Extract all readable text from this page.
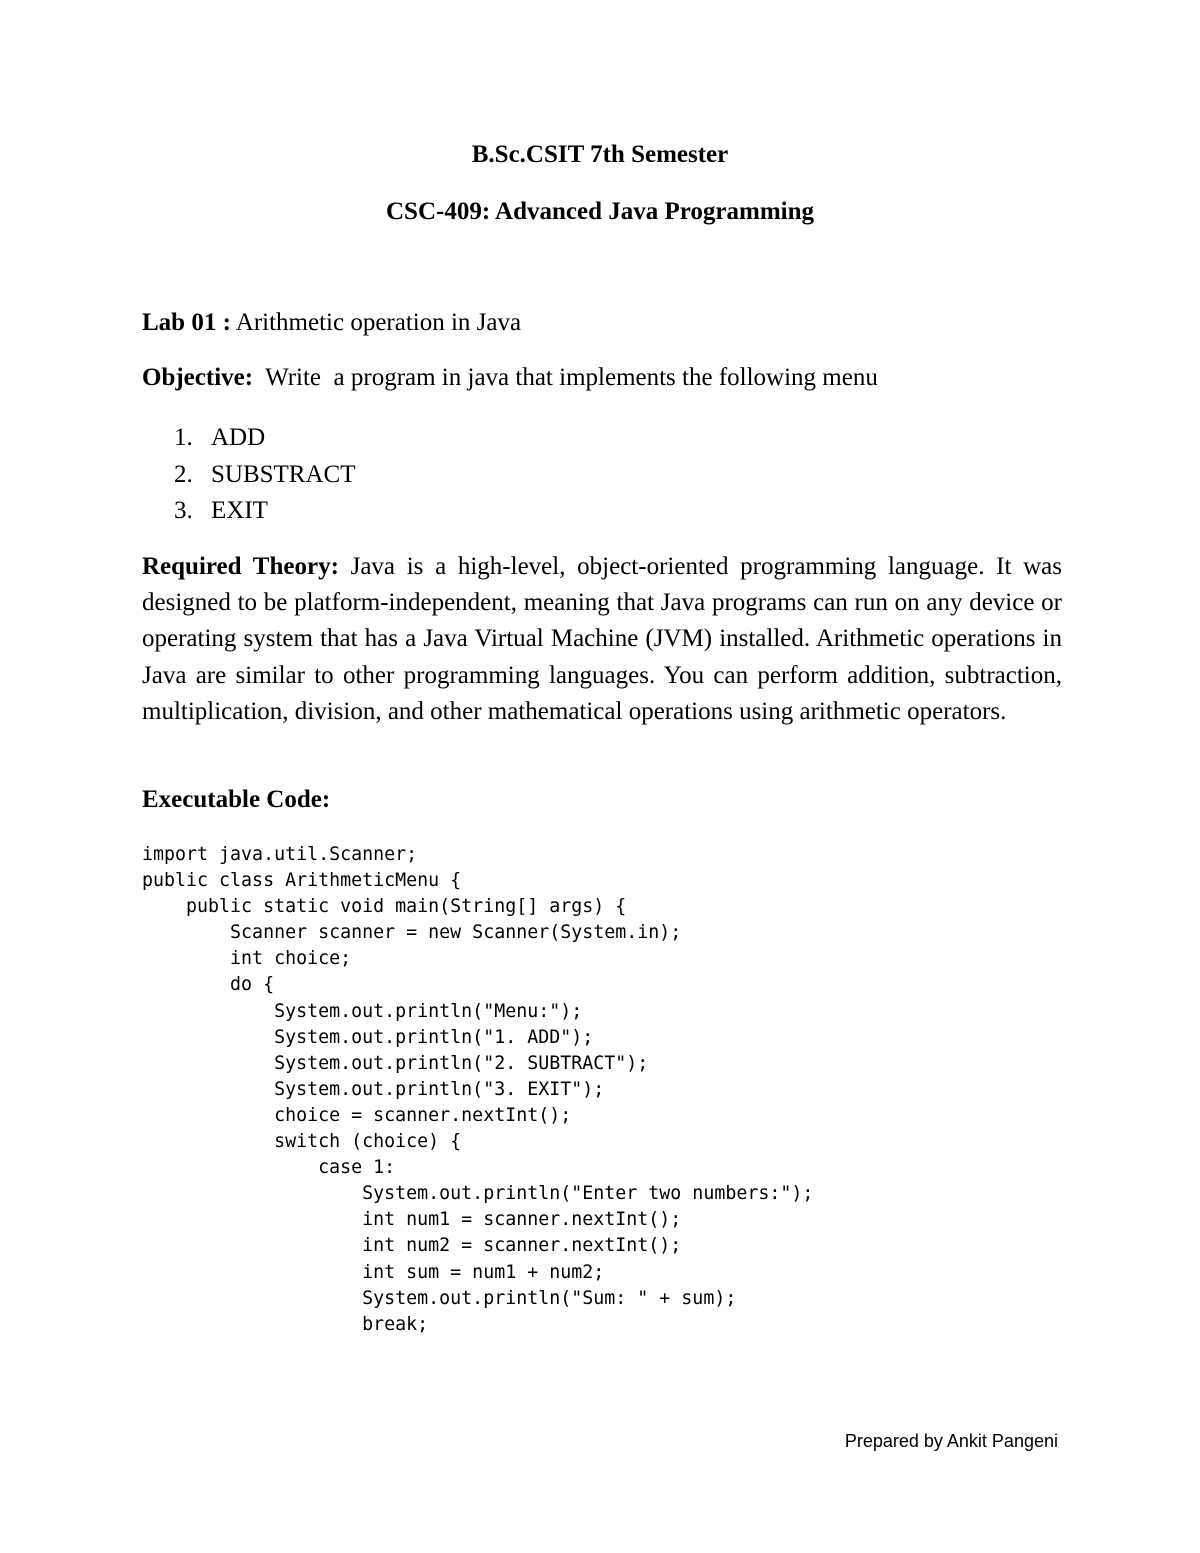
B.Sc.CSIT 7th Semester
CSC-409: Advanced Java Programming
Lab 01 : Arithmetic operation in Java
Objective:  Write  a program in java that implements the following menu
1. ADD
2. SUBSTRACT
3. EXIT
Required Theory: Java is a high-level, object-oriented programming language. It was designed to be platform-independent, meaning that Java programs can run on any device or operating system that has a Java Virtual Machine (JVM) installed. Arithmetic operations in Java are similar to other programming languages. You can perform addition, subtraction, multiplication, division, and other mathematical operations using arithmetic operators.
Executable Code:
import java.util.Scanner;
public class ArithmeticMenu {
public static void main(String[] args) {
Scanner scanner = new Scanner(System.in);
int choice;
do {
System.out.println("Menu:");
System.out.println("1. ADD");
System.out.println("2. SUBTRACT");
System.out.println("3. EXIT");
choice = scanner.nextInt();
switch (choice) {
case 1:
System.out.println("Enter two numbers:");
int num1 = scanner.nextInt();
int num2 = scanner.nextInt();
int sum = num1 + num2;
System.out.println("Sum: " + sum);
break;
Prepared by Ankit Pangeni
